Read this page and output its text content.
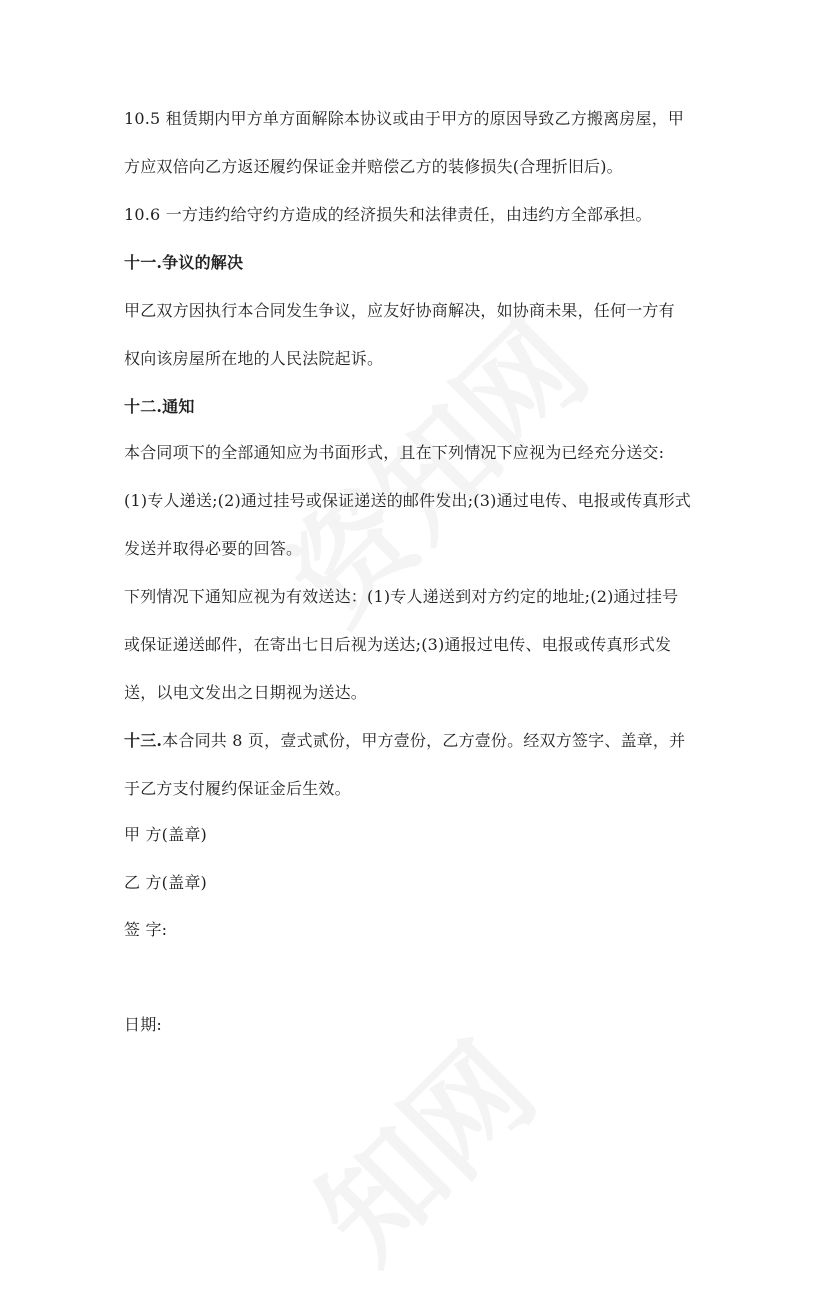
10.5 租赁期内甲方单方面解除本协议或由于甲方的原因导致乙方搬离房屋，甲
方应双倍向乙方返还履约保证金并赔偿乙方的装修损失(合理折旧后)。
10.6 一方违约给守约方造成的经济损失和法律责任，由违约方全部承担。
十一.争议的解决
甲乙双方因执行本合同发生争议，应友好协商解决，如协商未果，任何一方有
权向该房屋所在地的人民法院起诉。
十二.通知
本合同项下的全部通知应为书面形式，且在下列情况下应视为已经充分送交:
(1)专人递送;(2)通过挂号或保证递送的邮件发出;(3)通过电传、电报或传真形式
发送并取得必要的回答。
下列情况下通知应视为有效送达：(1)专人递送到对方约定的地址;(2)通过挂号
或保证递送邮件，在寄出七日后视为送达;(3)通报过电传、电报或传真形式发
送，以电文发出之日期视为送达。
十三.本合同共 8 页，壹式贰份，甲方壹份，乙方壹份。经双方签字、盖章，并
于乙方支付履约保证金后生效。
甲 方(盖章)
乙 方(盖章)
签 字:
日期:
